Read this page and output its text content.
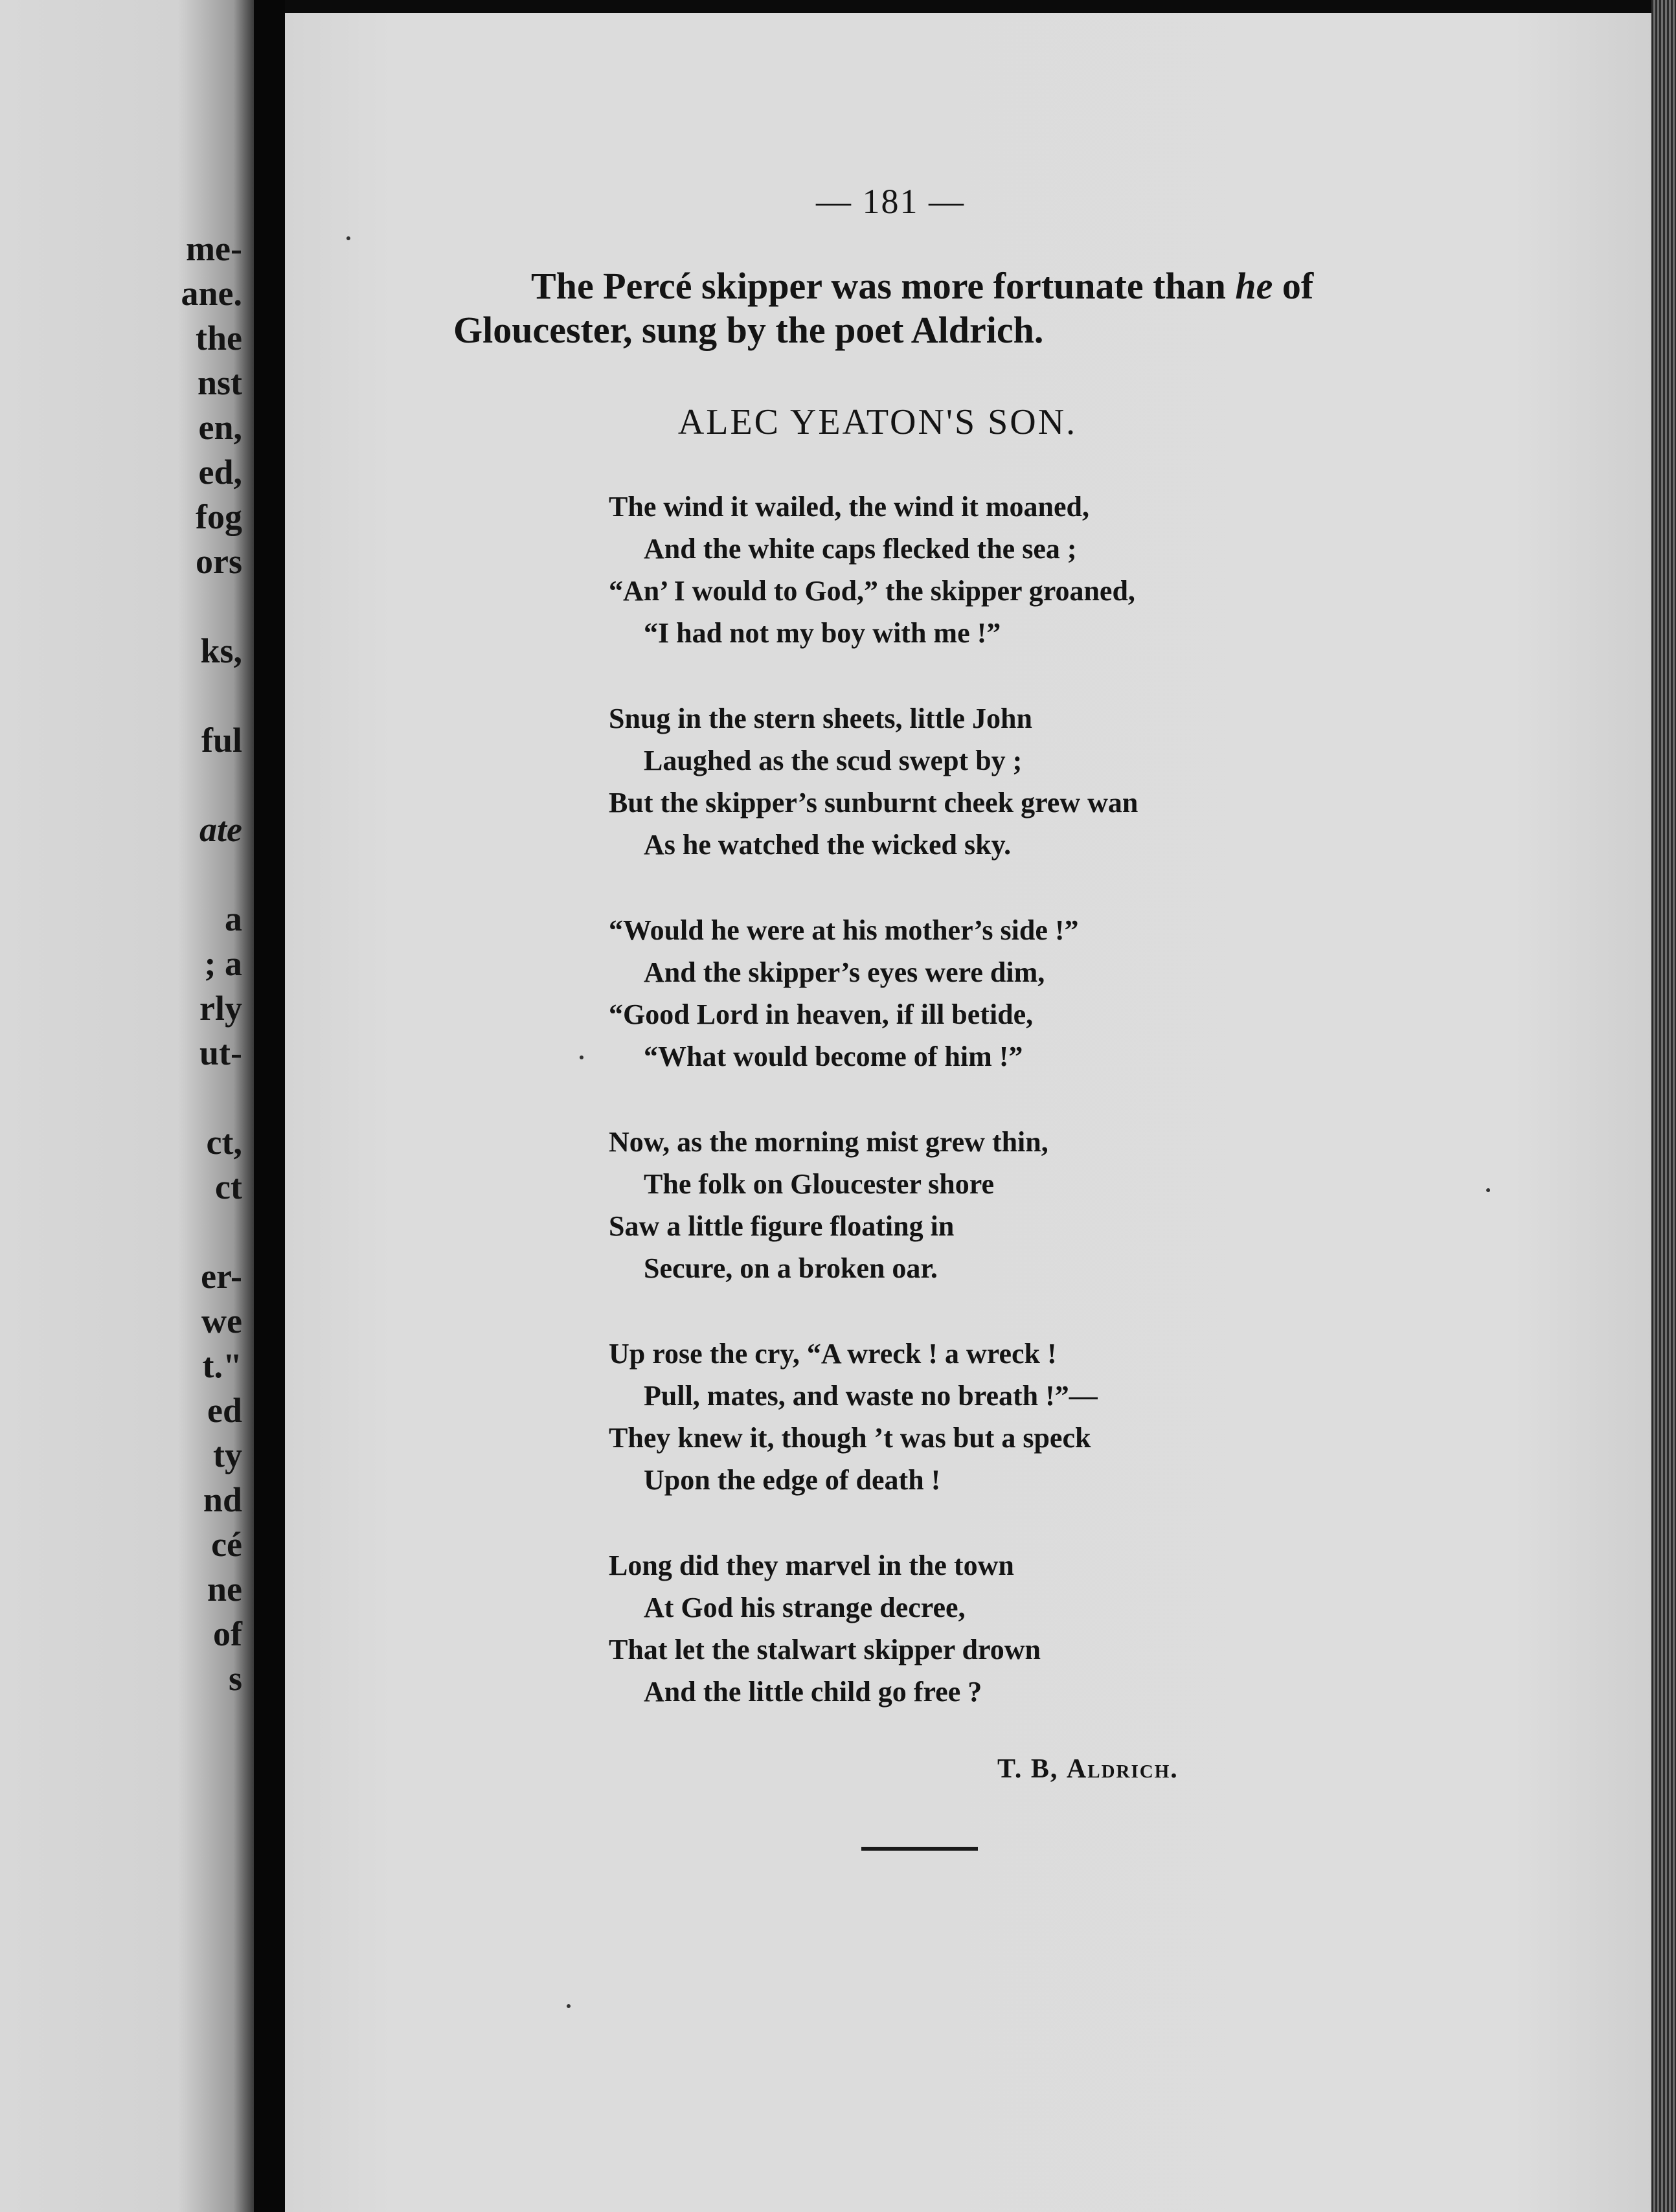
me-
ane.
the
nst
en,
ed,
fog
ors
ks,
ful
ate
a
; a
rly
ut-
ct,
ct
er-
we
t."
ed
ty
nd
cé
ne
of
s
— 181 —

The Percé skipper was more fortunate than he of

Gloucester, sung by the poet Aldrich.

ALEC YEATON'S SON.
The wind it wailed, the wind it moaned,
And the white caps flecked the sea ;
“An’ I would to God,” the skipper groaned,
“I had not my boy with me !”
Snug in the stern sheets, little John
Laughed as the scud swept by ;
But the skipper’s sunburnt cheek grew wan
As he watched the wicked sky.
“Would he were at his mother’s side !”
And the skipper’s eyes were dim,
“Good Lord in heaven, if ill betide,
“What would become of him !”
Now, as the morning mist grew thin,
The folk on Gloucester shore
Saw a little figure floating in
Secure, on a broken oar.
Up rose the cry, “A wreck ! a wreck !
Pull, mates, and waste no breath !”—
They knew it, though ’t was but a speck
Upon the edge of death !
Long did they marvel in the town
At God his strange decree,
That let the stalwart skipper drown
And the little child go free ?
T. B, Aldrich.
